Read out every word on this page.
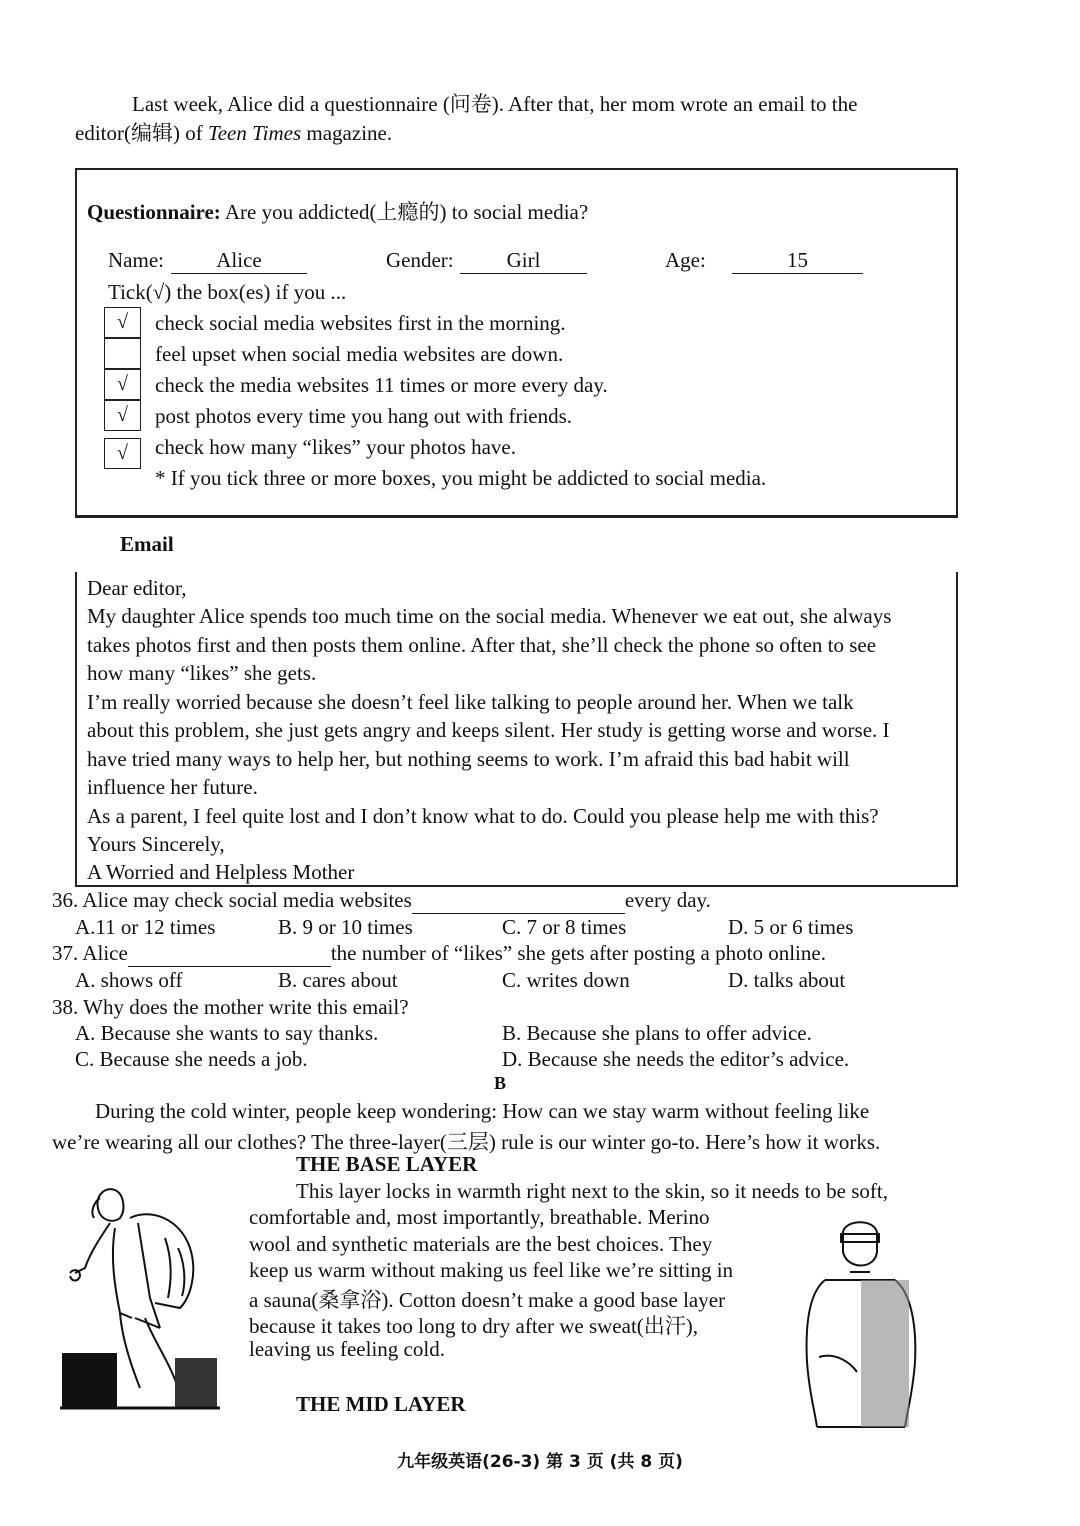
Last week, Alice did a questionnaire (问卷). After that, her mom wrote an email to the
editor(编辑) of Teen Times magazine.
Questionnaire: Are you addicted(上瘾的) to social media?
Name:	Alice	Gender:	Girl	Age:	15
Tick(√) the box(es) if you ...
√	check social media websites first in the morning.
feel upset when social media websites are down.
√	check the media websites 11 times or more every day.
√	post photos every time you hang out with friends.
√	check how many “likes” your photos have.
* If you tick three or more boxes, you might be addicted to social media.
Email
Dear editor,
My daughter Alice spends too much time on the social media. Whenever we eat out, she always
takes photos first and then posts them online. After that, she’ll check the phone so often to see
how many “likes” she gets.
I’m really worried because she doesn’t feel like talking to people around her. When we talk
about this problem, she just gets angry and keeps silent. Her study is getting worse and worse. I
have tried many ways to help her, but nothing seems to work. I’m afraid this bad habit will
influence her future.
As a parent, I feel quite lost and I don’t know what to do. Could you please help me with this?
Yours Sincerely,
A Worried and Helpless Mother
36. Alice may check social media websites	every day.
A.11 or 12 times	B. 9 or 10 times	C. 7 or 8 times	D. 5 or 6 times
37. Alice	the number of “likes” she gets after posting a photo online.
A. shows off	B. cares about	C. writes down	D. talks about
38. Why does the mother write this email?
A. Because she wants to say thanks.	B. Because she plans to offer advice.
C. Because she needs a job.	D. Because she needs the editor’s advice.
B
During the cold winter, people keep wondering: How can we stay warm without feeling like
we’re wearing all our clothes? The three-layer(三层) rule is our winter go-to. Here’s how it works.
THE BASE LAYER
This layer locks in warmth right next to the skin, so it needs to be soft,
comfortable and, most importantly, breathable. Merino
wool and synthetic materials are the best choices. They
keep us warm without making us feel like we’re sitting in
a sauna(桑拿浴). Cotton doesn’t make a good base layer
because it takes too long to dry after we sweat(出汗),
leaving us feeling cold.
THE MID LAYER
九年级英语(26-3) 第 3 页 (共 8 页)
